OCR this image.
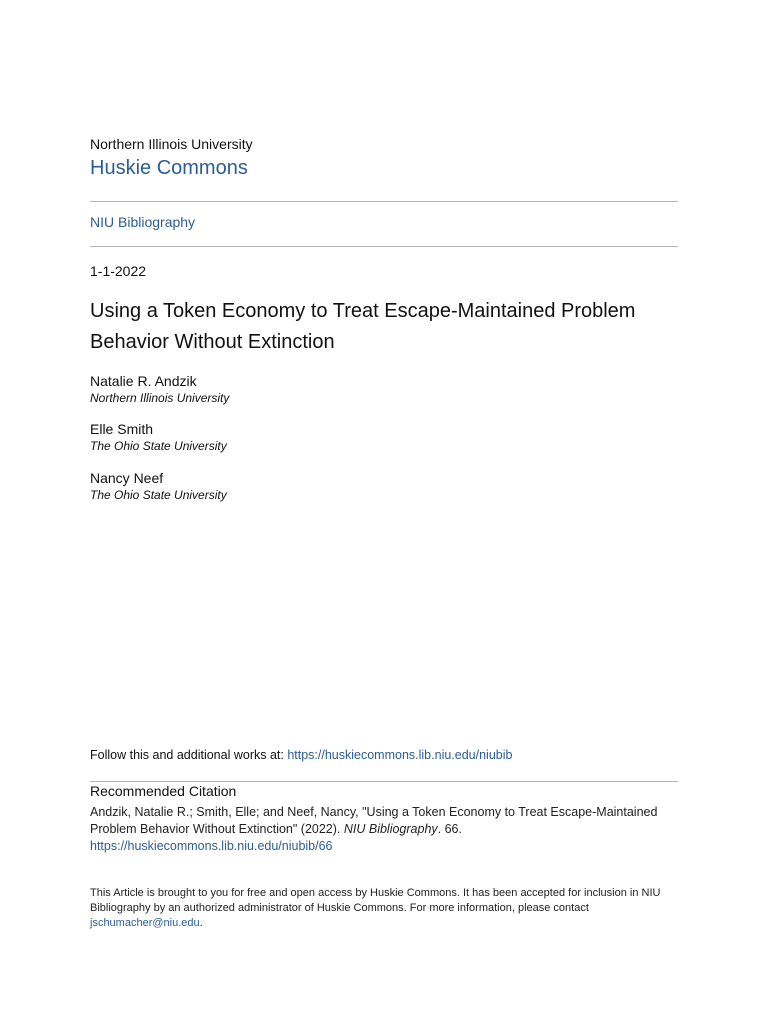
Northern Illinois University
Huskie Commons
NIU Bibliography
1-1-2022
Using a Token Economy to Treat Escape-Maintained Problem Behavior Without Extinction
Natalie R. Andzik
Northern Illinois University
Elle Smith
The Ohio State University
Nancy Neef
The Ohio State University
Follow this and additional works at: https://huskiecommons.lib.niu.edu/niubib
Recommended Citation
Andzik, Natalie R.; Smith, Elle; and Neef, Nancy, "Using a Token Economy to Treat Escape-Maintained Problem Behavior Without Extinction" (2022). NIU Bibliography. 66.
https://huskiecommons.lib.niu.edu/niubib/66
This Article is brought to you for free and open access by Huskie Commons. It has been accepted for inclusion in NIU Bibliography by an authorized administrator of Huskie Commons. For more information, please contact jschumacher@niu.edu.
